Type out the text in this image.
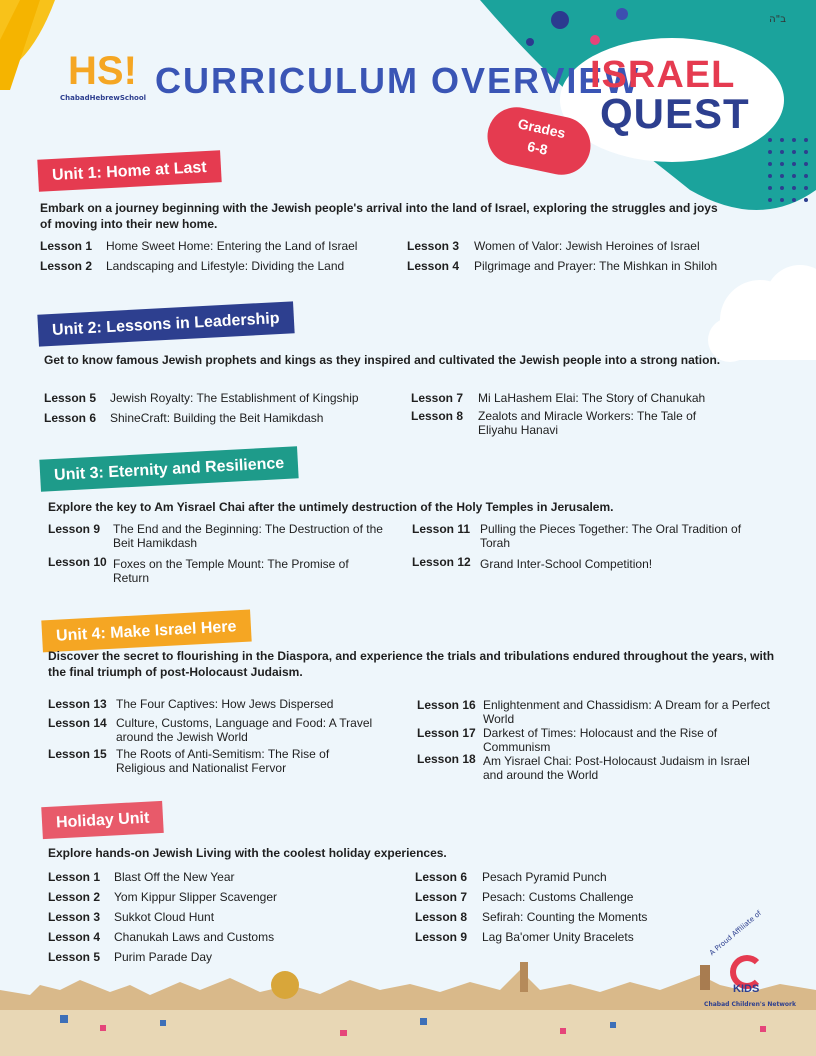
ב"ה
HS!
ChabadHebrewSchool CURRICULUM OVERVIEW
ISRAEL
QUEST
Grades
6-8
Unit 1: Home at Last
Embark on a journey beginning with the Jewish people's arrival into the land of Israel, exploring the struggles and joys of moving into their new home.
Lesson 1 Home Sweet Home: Entering the Land of Israel
Lesson 2 Landscaping and Lifestyle: Dividing the Land
Lesson 3 Women of Valor: Jewish Heroines of Israel
Lesson 4 Pilgrimage and Prayer: The Mishkan in Shiloh
Unit 2: Lessons in Leadership
Get to know famous Jewish prophets and kings as they inspired and cultivated the Jewish people into a strong nation.
Lesson 5 Jewish Royalty: The Establishment of Kingship
Lesson 6 ShineCraft: Building the Beit Hamikdash
Lesson 7 Mi LaHashem Elai: The Story of Chanukah
Lesson 8 Zealots and Miracle Workers: The Tale of Eliyahu Hanavi
Unit 3: Eternity and Resilience
Explore the key to Am Yisrael Chai after the untimely destruction of the Holy Temples in Jerusalem.
Lesson 9 The End and the Beginning: The Destruction of the Beit Hamikdash
Lesson 10 Foxes on the Temple Mount: The Promise of Return
Lesson 11 Pulling the Pieces Together: The Oral Tradition of Torah
Lesson 12 Grand Inter-School Competition!
Unit 4: Make Israel Here
Discover the secret to flourishing in the Diaspora, and experience the trials and tribulations endured throughout the years, with the final triumph of post-Holocaust Judaism.
Lesson 13 The Four Captives: How Jews Dispersed
Lesson 14 Culture, Customs, Language and Food: A Travel around the Jewish World
Lesson 15 The Roots of Anti-Semitism: The Rise of Religious and Nationalist Fervor
Lesson 16 Enlightenment and Chassidism: A Dream for a Perfect World
Lesson 17 Darkest of Times: Holocaust and the Rise of Communism
Lesson 18 Am Yisrael Chai: Post-Holocaust Judaism in Israel and around the World
Holiday Unit
Explore hands-on Jewish Living with the coolest holiday experiences.
Lesson 1 Blast Off the New Year
Lesson 2 Yom Kippur Slipper Scavenger
Lesson 3 Sukkot Cloud Hunt
Lesson 4 Chanukah Laws and Customs
Lesson 5 Purim Parade Day
Lesson 6 Pesach Pyramid Punch
Lesson 7 Pesach: Customs Challenge
Lesson 8 Sefirah: Counting the Moments
Lesson 9 Lag Ba'omer Unity Bracelets	A Proud Affiliate of
KIDS
Chabad Children's Network
